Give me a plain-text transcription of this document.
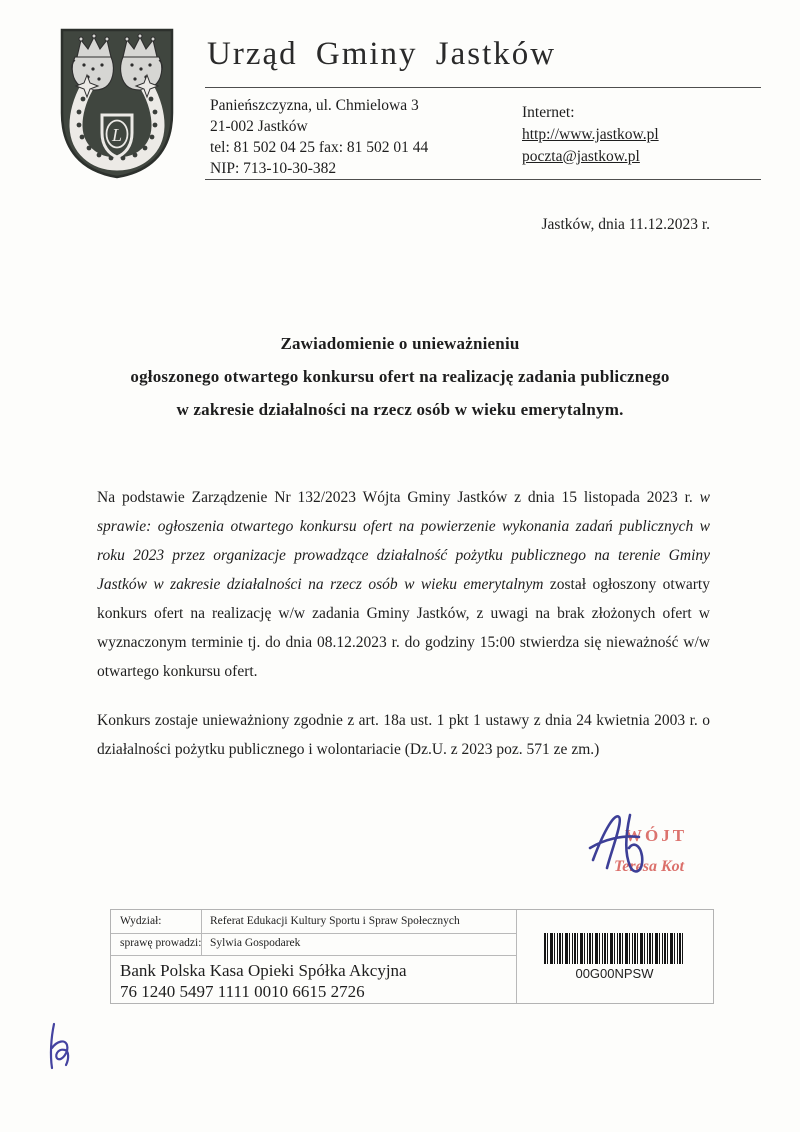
L
Urząd Gminy Jastków
Panieńszczyzna, ul. Chmielowa 3
21-002 Jastków
tel: 81 502 04 25 fax: 81 502 01 44
NIP: 713-10-30-382
Internet:
http://www.jastkow.pl
poczta@jastkow.pl
Jastków, dnia 11.12.2023 r.
Zawiadomienie o unieważnieniu
ogłoszonego otwartego konkursu ofert na realizację zadania publicznego
w zakresie działalności na rzecz osób w wieku emerytalnym.
Na podstawie Zarządzenie Nr 132/2023 Wójta Gminy Jastków z dnia 15 listopada 2023 r. w sprawie: ogłoszenia otwartego konkursu ofert na powierzenie wykonania zadań publicznych w roku 2023 przez organizacje prowadzące działalność pożytku publicznego na terenie Gminy Jastków w zakresie działalności na rzecz osób w wieku emerytalnym został ogłoszony otwarty konkurs ofert na realizację w/w zadania Gminy Jastków, z uwagi na brak złożonych ofert w wyznaczonym terminie tj. do dnia 08.12.2023 r. do godziny 15:00 stwierdza się nieważność w/w otwartego konkursu ofert.
Konkurs zostaje unieważniony zgodnie z art. 18a ust. 1 pkt 1 ustawy z dnia 24 kwietnia 2003 r. o działalności pożytku publicznego i wolontariacie (Dz.U. z 2023 poz. 571 ze zm.)
WÓJT
Teresa Kot
Wydział:	Referat Edukacji Kultury Sportu i Spraw Społecznych
sprawę prowadzi: Sylwia Gospodarek
Bank Polska Kasa Opieki Spółka Akcyjna
76 1240 5497 1111 0010 6615 2726
00G00NPSW
